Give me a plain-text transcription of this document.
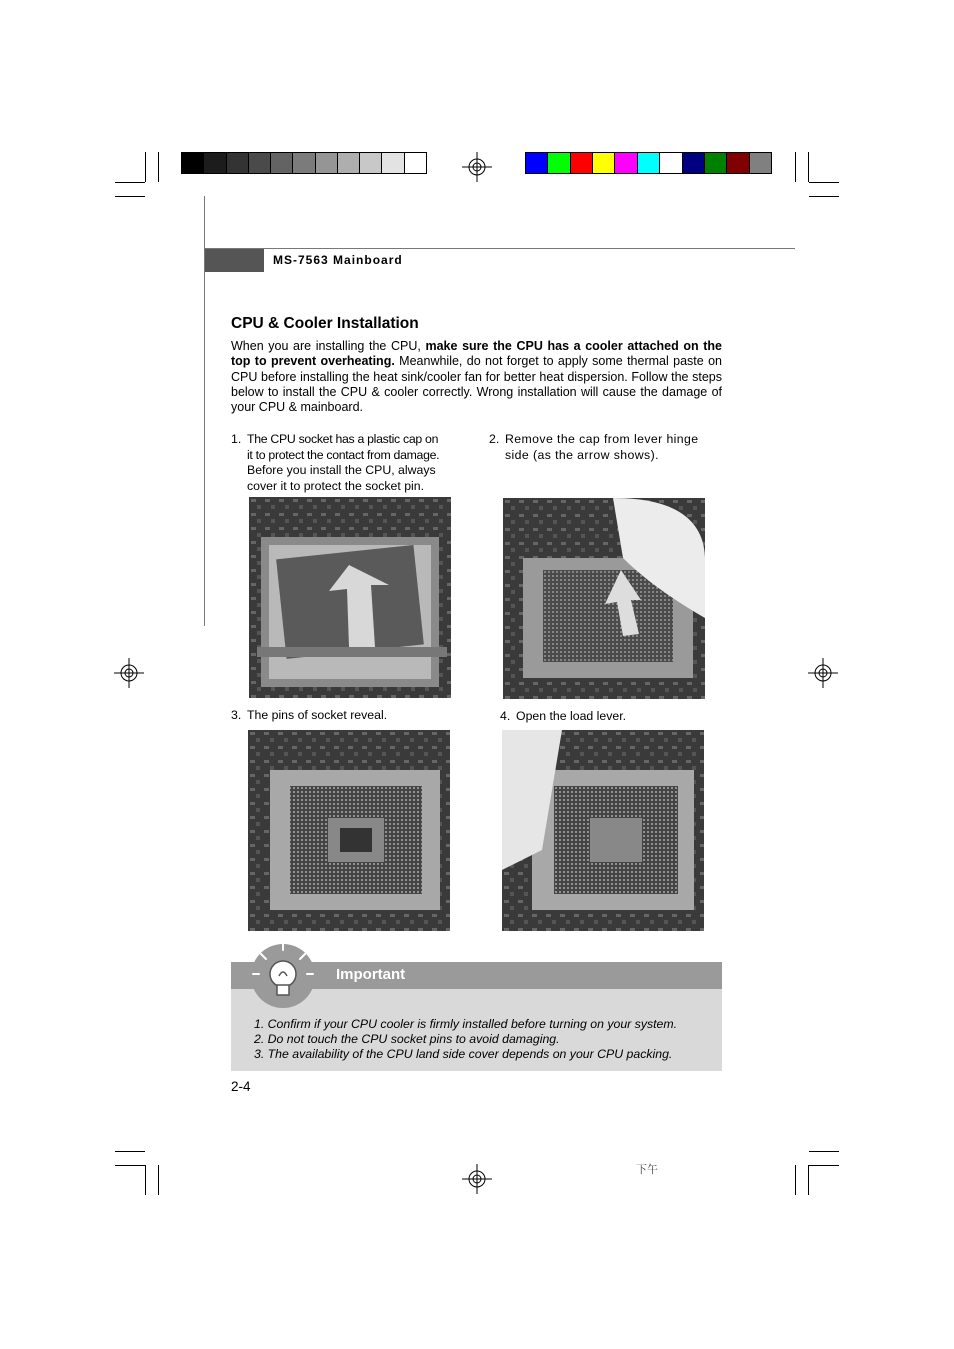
MS-7563 Mainboard
CPU & Cooler Installation
When you are installing the CPU, make sure the CPU has a cooler attached on the top to prevent overheating. Meanwhile, do not forget to apply some thermal paste on CPU before installing the heat sink/cooler fan for better heat dispersion. Follow the steps below to install the CPU & cooler correctly. Wrong installation will cause the damage of your CPU & mainboard.
1. The CPU socket has a plastic cap on
it to protect the contact from damage.
Before you install the CPU, always
cover it to protect the socket pin.
2. Remove the cap from lever hinge
side (as the arrow shows).
3. The pins of socket reveal.	4. Open the load lever.
Important
1. Confirm if your CPU cooler is firmly installed before turning on your system.
2. Do not touch the CPU socket pins to avoid damaging.
3. The availability of the CPU land side cover depends on your CPU packing.
2-4
下午
